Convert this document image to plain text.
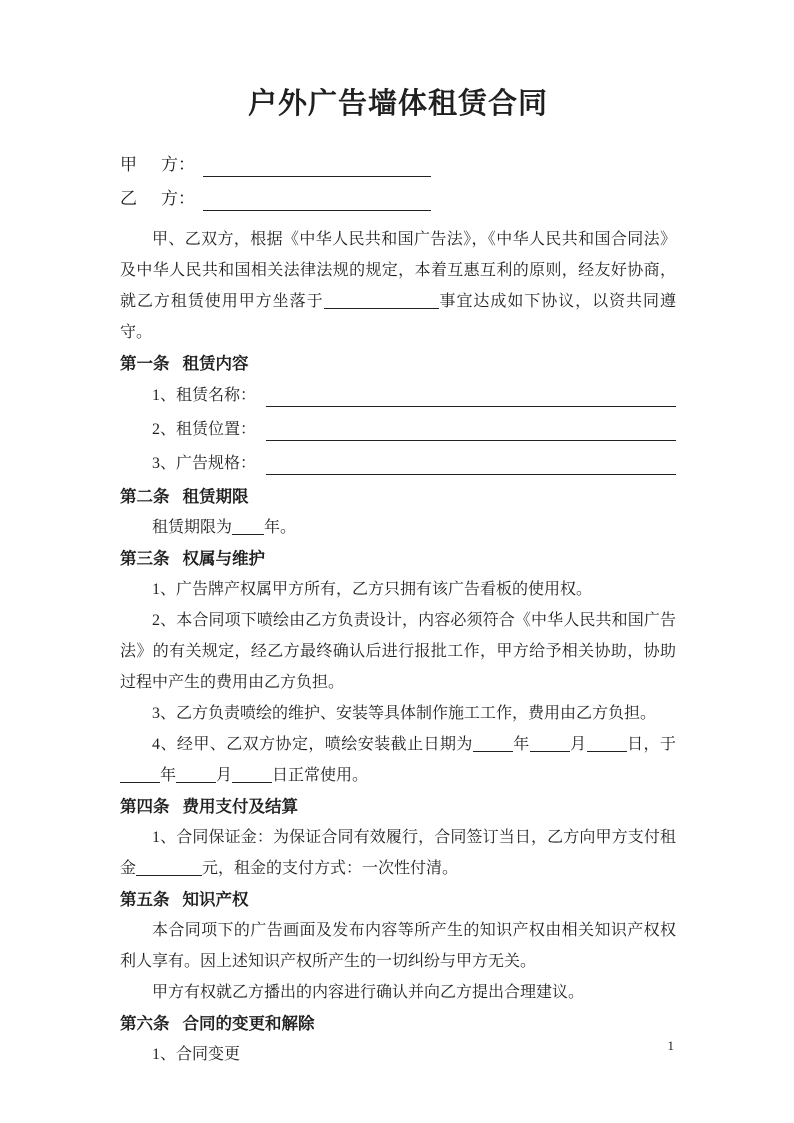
户外广告墙体租赁合同
甲 方：
乙 方：

甲、乙双方，根据《中华人民共和国广告法》，《中华人民共和国合同法》及中华人民共和国相关法律法规的规定，本着互惠互利的原则，经友好协商，就乙方租赁使用甲方坐落于	事宜达成如下协议，以资共同遵守。

第一条 租赁内容

1、租赁名称：
2、租赁位置：
3、广告规格：

第二条 租赁期限

租赁期限为 年。

第三条 权属与维护

1、广告牌产权属甲方所有，乙方只拥有该广告看板的使用权。

2、本合同项下喷绘由乙方负责设计，内容必须符合《中华人民共和国广告法》的有关规定，经乙方最终确认后进行报批工作，甲方给予相关协助，协助过程中产生的费用由乙方负担。

3、乙方负责喷绘的维护、安装等具体制作施工工作，费用由乙方负担。

4、经甲、乙双方协定，喷绘安装截止日期为	年	月	日，于年	月	日正常使用。

第四条 费用支付及结算

1、合同保证金：为保证合同有效履行，合同签订当日，乙方向甲方支付租金	元，租金的支付方式：一次性付清。

第五条 知识产权

本合同项下的广告画面及发布内容等所产生的知识产权由相关知识产权权利人享有。因上述知识产权所产生的一切纠纷与甲方无关。

甲方有权就乙方播出的内容进行确认并向乙方提出合理建议。

第六条 合同的变更和解除

1、合同变更

1
